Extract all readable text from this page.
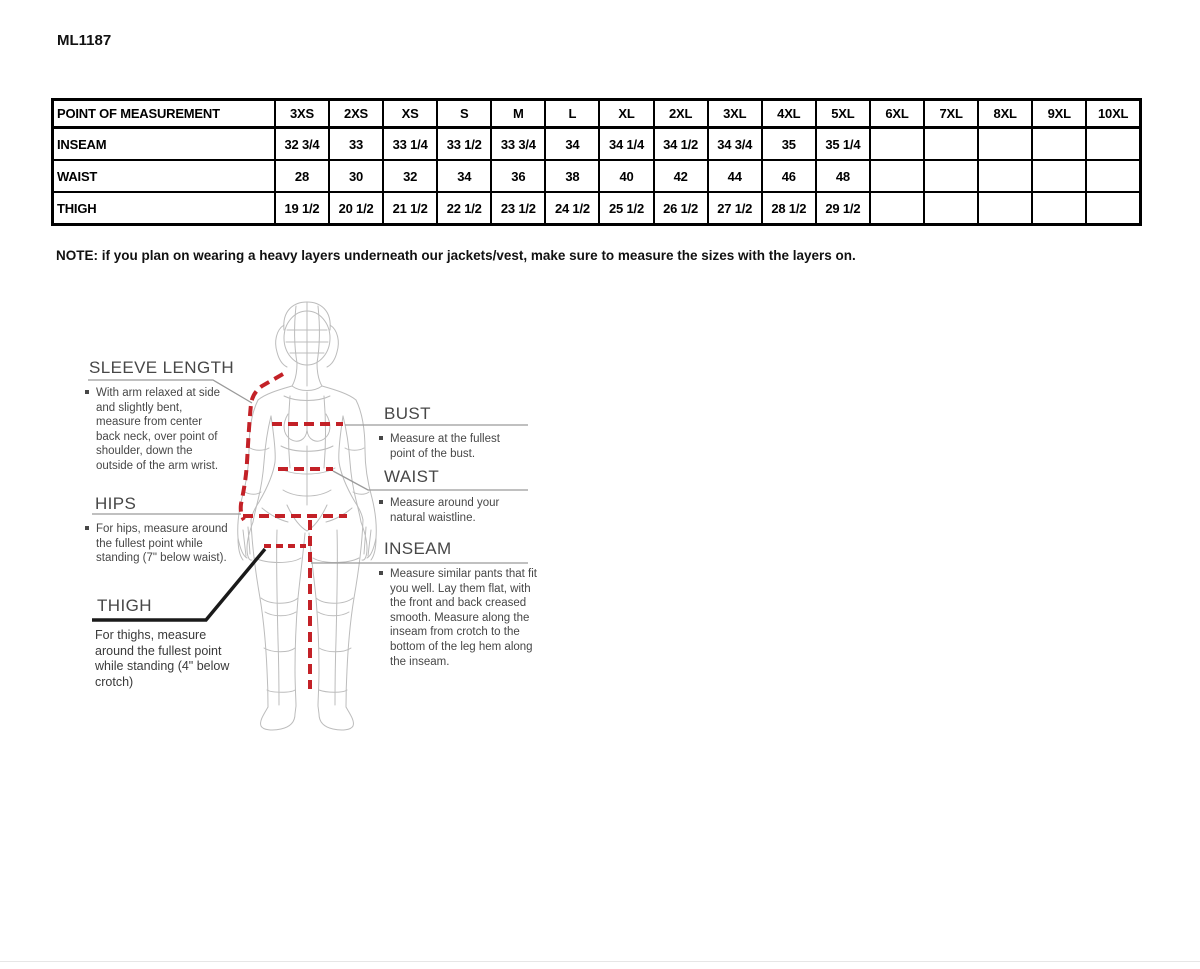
ML1187
POINT OF MEASUREMENT	3XS	2XS	XS	S	M	L	XL	2XL	3XL	4XL	5XL	6XL	7XL	8XL	9XL	10XL
INSEAM	32 3/4	33	33 1/4	33 1/2	33 3/4	34	34 1/4	34 1/2	34 3/4	35	35 1/4					
WAIST	28	30	32	34	36	38	40	42	44	46	48					
THIGH	19 1/2	20 1/2	21 1/2	22 1/2	23 1/2	24 1/2	25 1/2	26 1/2	27 1/2	28 1/2	29 1/2					
NOTE: if you plan on wearing a heavy layers underneath our jackets/vest, make sure to measure the sizes with the layers on.
SLEEVE LENGTH
With arm relaxed at side and slightly bent, measure from center back neck, over point of shoulder, down the outside of the arm wrist.
HIPS
For hips, measure around the fullest point while standing (7" below waist).
THIGH
For thighs, measure around the fullest point while standing (4" below crotch)
BUST
Measure at the fullest point of the bust.
WAIST
Measure around your natural waistline.
INSEAM
Measure similar pants that fit you well. Lay them flat, with the front and back creased smooth. Measure along the inseam from crotch to the bottom of the leg hem along the inseam.
